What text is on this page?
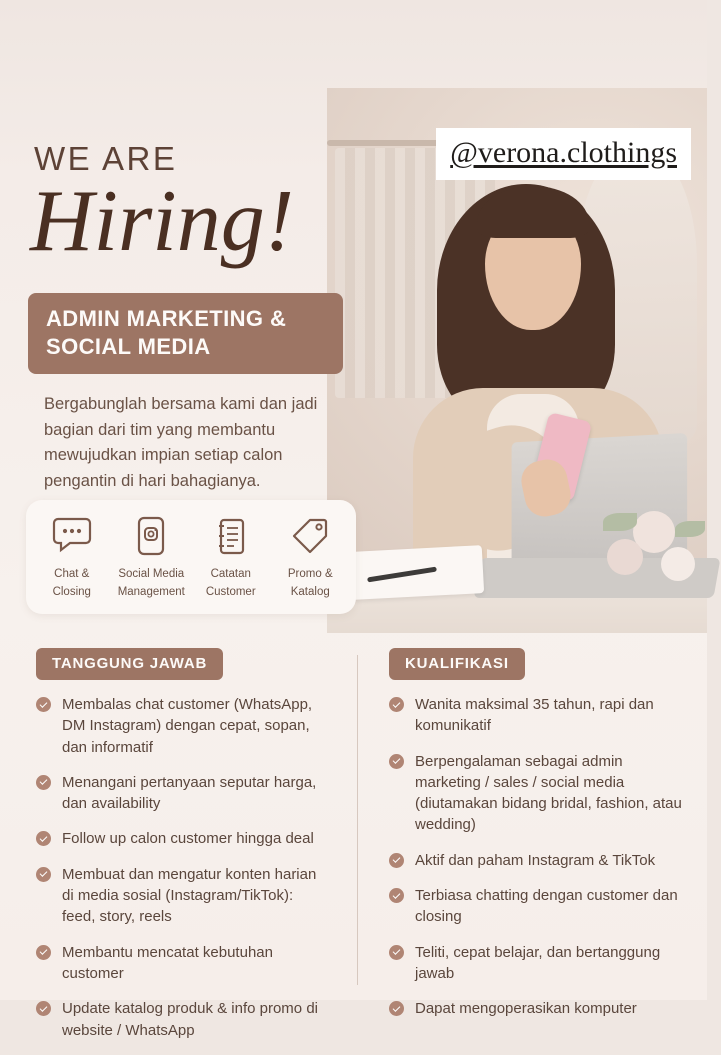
WE ARE
Hiring!
@verona.clothings
ADMIN MARKETING & SOCIAL MEDIA
Bergabunglah bersama kami dan jadi bagian dari tim yang membantu mewujudkan impian setiap calon pengantin di hari bahagianya.
Chat & Closing
Social Media Management
Catatan Customer
Promo & Katalog
TANGGUNG JAWAB
Membalas chat customer (WhatsApp, DM Instagram) dengan cepat, sopan, dan informatif
Menangani pertanyaan seputar harga, dan availability
Follow up calon customer hingga deal
Membuat dan mengatur konten harian di media sosial (Instagram/TikTok): feed, story, reels
Membantu mencatat kebutuhan customer
Update katalog produk & info promo di website / WhatsApp
KUALIFIKASI
Wanita maksimal 35 tahun, rapi dan komunikatif
Berpengalaman sebagai admin marketing / sales / social media (diutamakan bidang bridal, fashion, atau wedding)
Aktif dan paham Instagram & TikTok
Terbiasa chatting dengan customer dan closing
Teliti, cepat belajar, dan bertanggung jawab
Dapat mengoperasikan komputer
